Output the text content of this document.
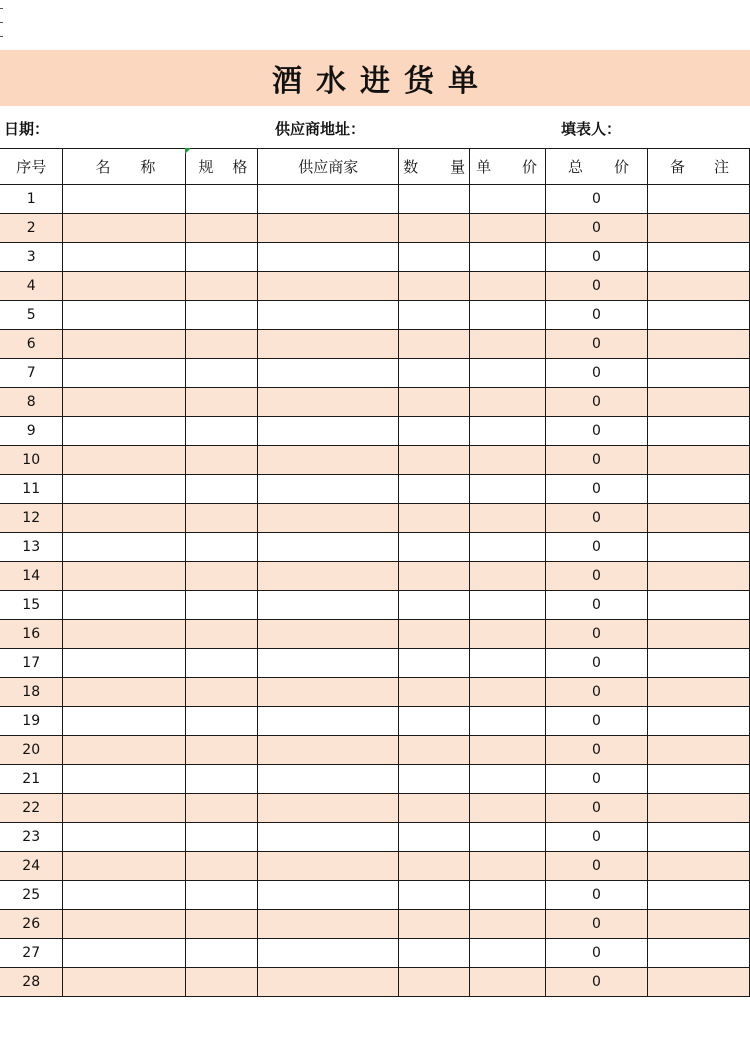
酒水进货单
日期：	供应商地址：	填表人：
序号	名 称	规 格	供应商家	数 量	单 价	总 价	备 注

1						0	
2						0	
3						0	
4						0	
5						0	
6						0	
7						0	
8						0	
9						0	
10						0	
11						0	
12						0	
13						0	
14						0	
15						0	
16						0	
17						0	
18						0	
19						0	
20						0	
21						0	
22						0	
23						0	
24						0	
25						0	
26						0	
27						0	
28						0	
